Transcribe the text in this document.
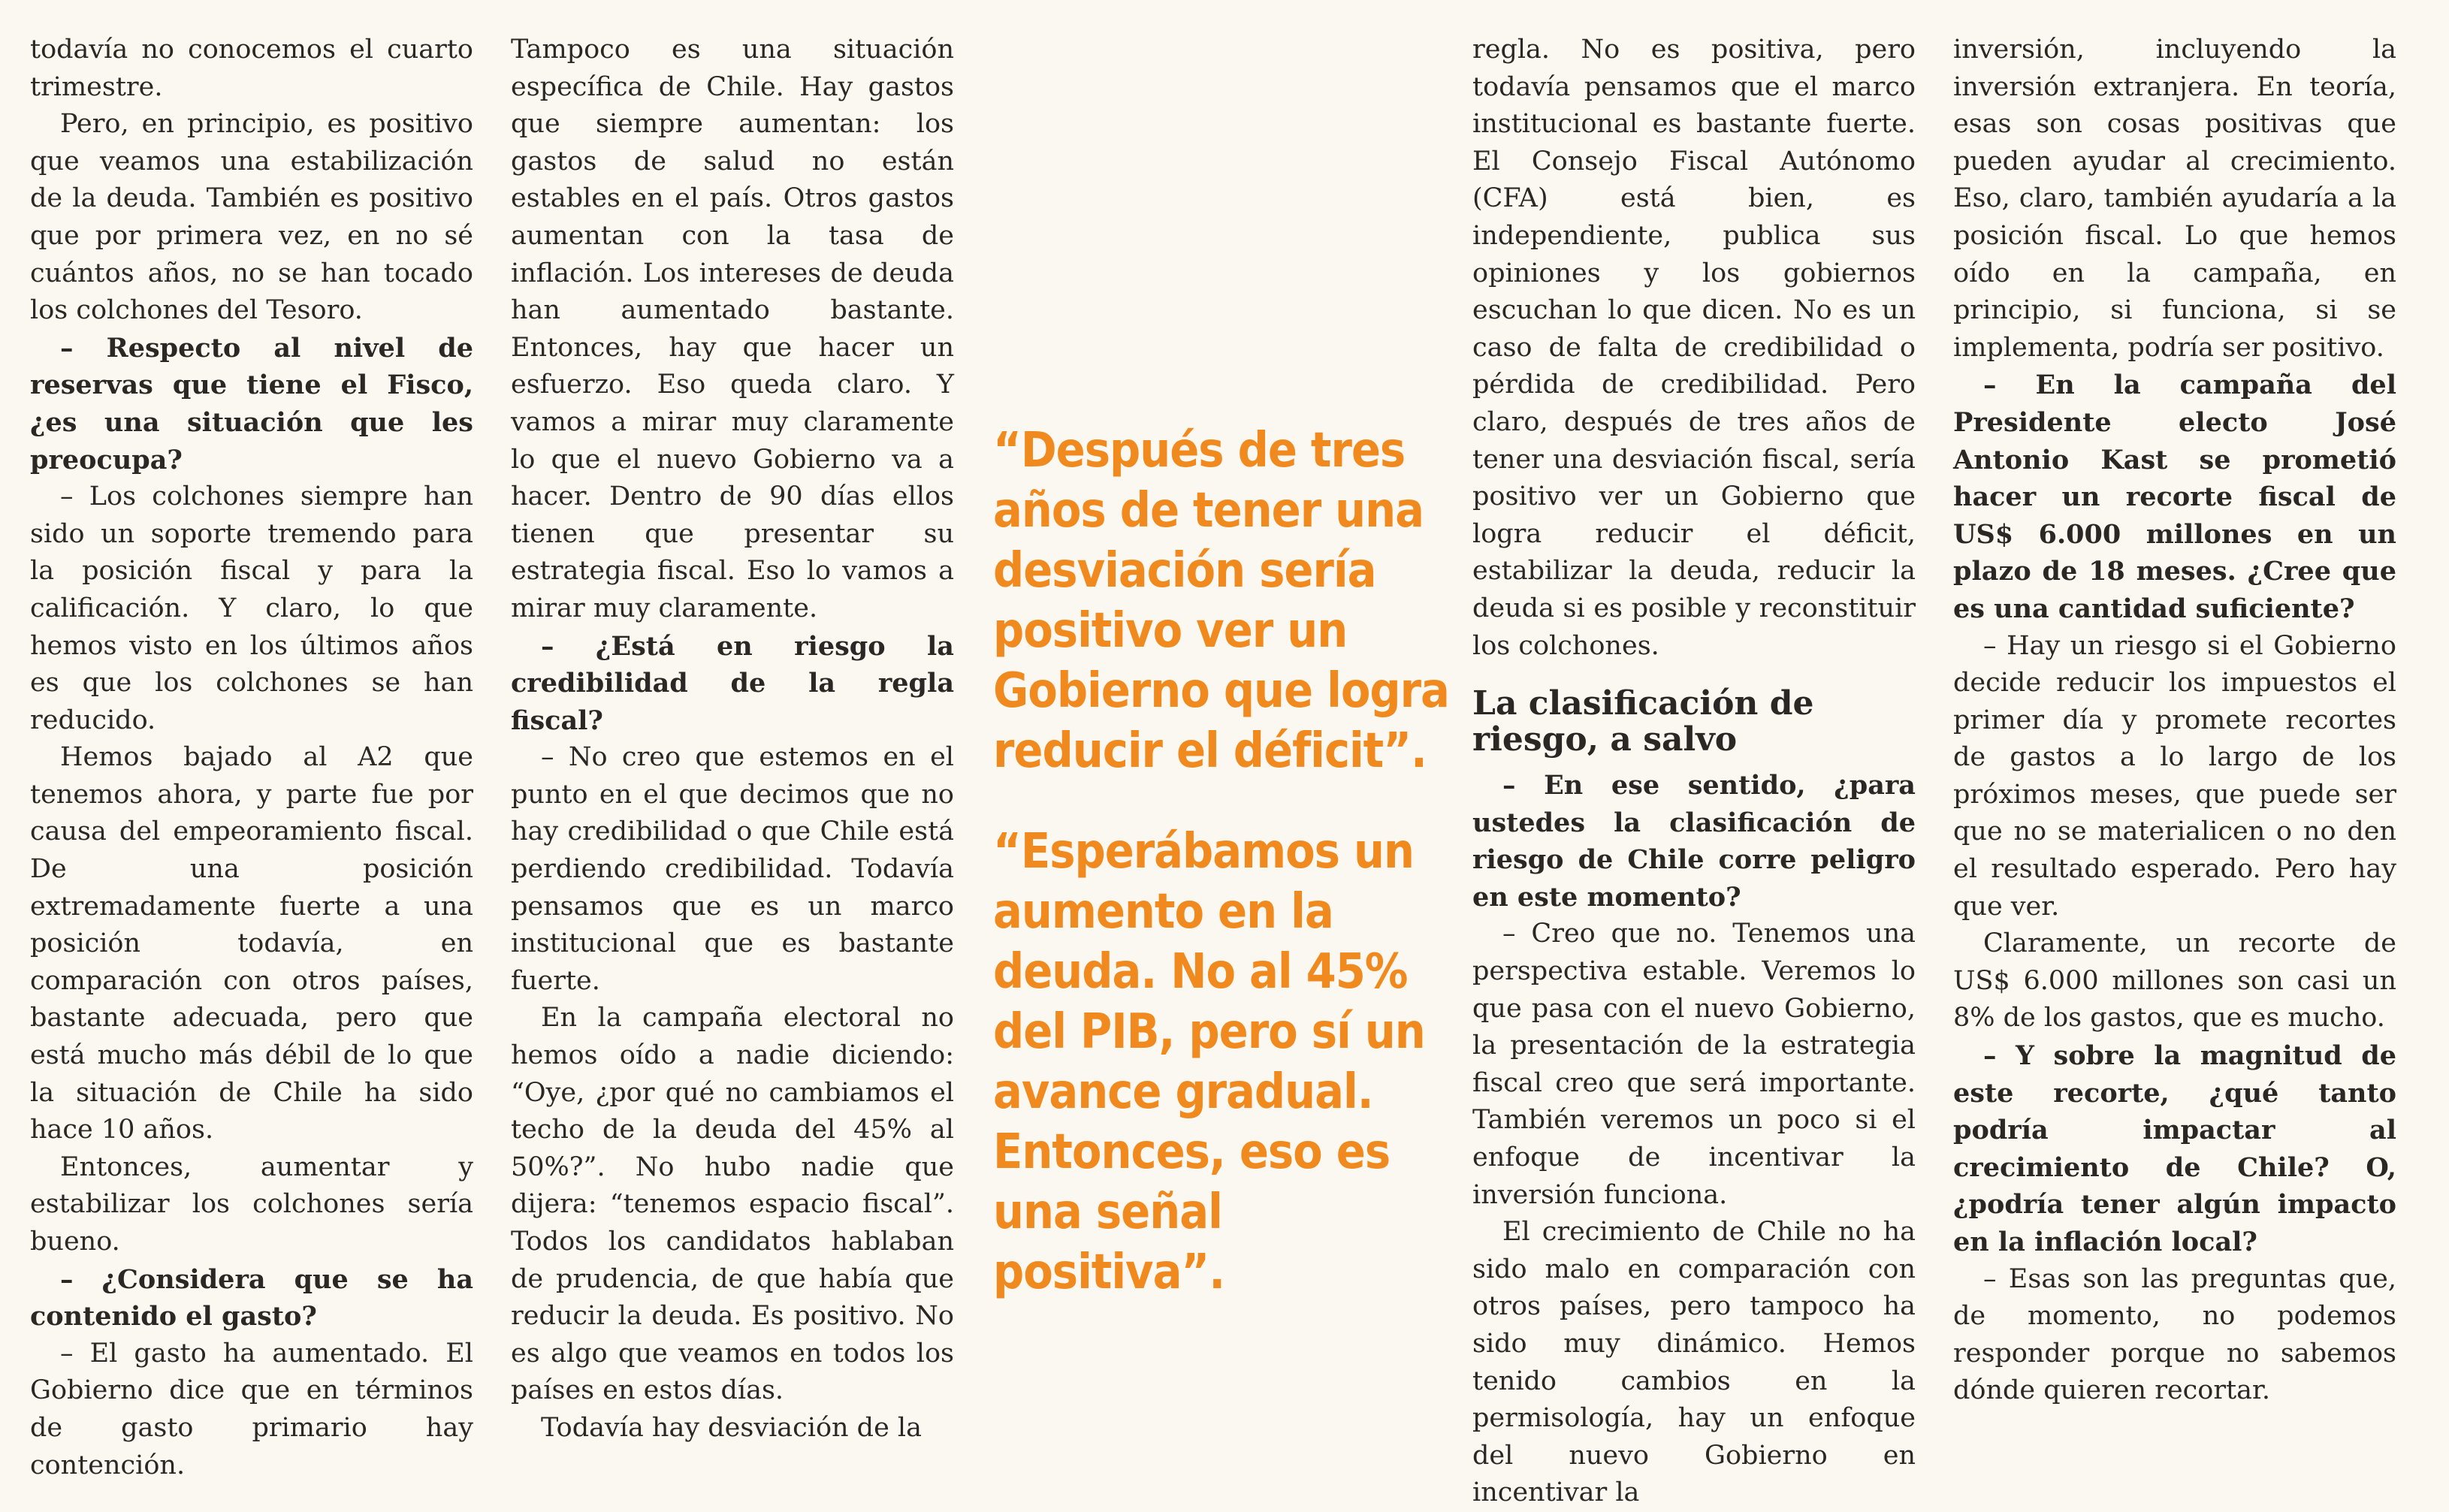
todavía no conocemos el cuarto trimestre.

Pero, en principio, es positivo que veamos una estabilización de la deuda. También es positivo que por primera vez, en no sé cuántos años, no se han tocado los colchones del Tesoro.

– Respecto al nivel de reservas que tiene el Fisco, ¿es una situación que les preocupa?

– Los colchones siempre han sido un soporte tremendo para la posición fiscal y para la calificación. Y claro, lo que hemos visto en los últimos años es que los colchones se han reducido.

Hemos bajado al A2 que tenemos ahora, y parte fue por causa del empeoramiento fiscal. De una posición extremadamente fuerte a una posición todavía, en comparación con otros países, bastante adecuada, pero que está mucho más débil de lo que la situación de Chile ha sido hace 10 años.

Entonces, aumentar y estabilizar los colchones sería bueno.

– ¿Considera que se ha contenido el gasto?

– El gasto ha aumentado. El Gobierno dice que en términos de gasto primario hay contención.

Tampoco es una situación específica de Chile. Hay gastos que siempre aumentan: los gastos de salud no están estables en el país. Otros gastos aumentan con la tasa de inflación. Los intereses de deuda han aumentado bastante. Entonces, hay que hacer un esfuerzo. Eso queda claro. Y vamos a mirar muy claramente lo que el nuevo Gobierno va a hacer. Dentro de 90 días ellos tienen que presentar su estrategia fiscal. Eso lo vamos a mirar muy claramente.

– ¿Está en riesgo la credibilidad de la regla fiscal?

– No creo que estemos en el punto en el que decimos que no hay credibilidad o que Chile está perdiendo credibilidad. Todavía pensamos que es un marco institucional que es bastante fuerte.

En la campaña electoral no hemos oído a nadie diciendo: “Oye, ¿por qué no cambiamos el techo de la deuda del 45% al 50%?”. No hubo nadie que dijera: “tenemos espacio fiscal”. Todos los candidatos hablaban de prudencia, de que había que reducir la deuda. Es positivo. No es algo que veamos en todos los países en estos días.

Todavía hay desviación de la

“Después de tres años de tener una desviación sería positivo ver un Gobierno que logra reducir el déficit”.

“Esperábamos un aumento en la deuda. No al 45% del PIB, pero sí un avance gradual. Entonces, eso es una señal positiva”.

regla. No es positiva, pero todavía pensamos que el marco institucional es bastante fuerte. El Consejo Fiscal Autónomo (CFA) está bien, es independiente, publica sus opiniones y los gobiernos escuchan lo que dicen. No es un caso de falta de credibilidad o pérdida de credibilidad. Pero claro, después de tres años de tener una desviación fiscal, sería positivo ver un Gobierno que logra reducir el déficit, estabilizar la deuda, reducir la deuda si es posible y reconstituir los colchones.

La clasificación de riesgo, a salvo

– En ese sentido, ¿para ustedes la clasificación de riesgo de Chile corre peligro en este momento?

– Creo que no. Tenemos una perspectiva estable. Veremos lo que pasa con el nuevo Gobierno, la presentación de la estrategia fiscal creo que será importante. También veremos un poco si el enfoque de incentivar la inversión funciona.

El crecimiento de Chile no ha sido malo en comparación con otros países, pero tampoco ha sido muy dinámico. Hemos tenido cambios en la permisología, hay un enfoque del nuevo Gobierno en incentivar la

inversión, incluyendo la inversión extranjera. En teoría, esas son cosas positivas que pueden ayudar al crecimiento. Eso, claro, también ayudaría a la posición fiscal. Lo que hemos oído en la campaña, en principio, si funciona, si se implementa, podría ser positivo.

– En la campaña del Presidente electo José Antonio Kast se prometió hacer un recorte fiscal de US$ 6.000 millones en un plazo de 18 meses. ¿Cree que es una cantidad suficiente?

– Hay un riesgo si el Gobierno decide reducir los impuestos el primer día y promete recortes de gastos a lo largo de los próximos meses, que puede ser que no se materialicen o no den el resultado esperado. Pero hay que ver.

Claramente, un recorte de US$ 6.000 millones son casi un 8% de los gastos, que es mucho.

– Y sobre la magnitud de este recorte, ¿qué tanto podría impactar al crecimiento de Chile? O, ¿podría tener algún impacto en la inflación local?

– Esas son las preguntas que, de momento, no podemos responder porque no sabemos dónde quieren recortar.
